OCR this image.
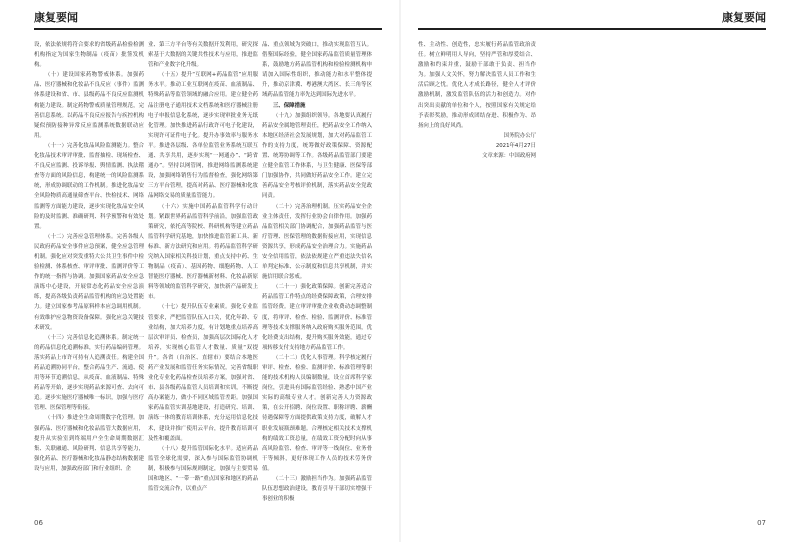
康复要闻

设，依法依规将符合要求的省级药品检验检测机构指定为国家生物制品（疫苗）批签发机构。

（十）建设国家药物警戒体系。加强药品、医疗器械和化妆品不良反应（事件）监测体系建设和省、市、县级药品不良反应监测机构能力建设。制定药物警戒质量管理规范，完善信息系统。以药品不良反应报告与疾控机构疑似预防接种异常反应监测系统数据联动应用。

（十一）完善化妆品风险监测能力。整合化妆品技术审评审批、监督抽检、现场检查、不良反应监测、投诉举报、舆情监测、执法稽查等方面的风险信息，构建统一的风险监测系统，形成协调联动的工作机制。推进化妆品安全风险物质高通量筛查平台、快检技术、网络监测等方面能力建设，逐步实现化妆品安全风险的及时监测、准确研判、科学预警和有效处置。

（十二）完善应急管理体系。完善各级人民政府药品安全事件应急预案，健全应急管理机制。强化应对突发重特大公共卫生事件中检验检测、体系核查、审评审批、监测评价等工作的统一指挥与协调。加强国家药品安全应急演练中心建设，开展常态化药品安全应急演练，提高各级负责药品监管机构的应急处置能力。建立国家参考品原料样本应急调用机制。有效维护应急物资设备保障。强化应急关键技术研发。

（十三）完善信息化追溯体系。制定统一的药品信息化追溯标准，实行药品编码管理。落实药品上市许可持有人追溯责任。构建全国药品追溯协同平台，整合药品生产、流通、使用等环节追溯信息，从疫苗、血液制品、特殊药品等开始，逐步实现药品来源可查、去向可追。逐步实施医疗器械唯一标识，加强与医疗管理、医保管理等衔接。

（十四）推进全生命周期数字化管理。加强药品、医疗器械和化妆品监管大数据应用，提升从实验室到终端用户全生命周期数据汇集、关联融通、风险研判、信息共享等能力，强化药品、医疗器械和化妆品静态结构数据建设与应用，加强政府部门和行业组织、企

业、第三方平台等有关数据开发利用，研究探索基于大数据的关键共性技术与应用，推进监管和产业数字化升级。

（十五）提升“互联网+药品监管”应用服务水平。推动工业互联网在疫苗、血液制品、特殊药品等监管领域的融合应用。建立健全药品注册电子通用技术文档系统和医疗器械注册电子申报信息化系统，逐步实现审批业务无纸化管理。加快推进药品行政许可电子化建设，实现许可证件电子化。提升办事效率与服务水平。推进各层级、各单位监管业务系统互联互通、共享共用，逐步实现“一网通办”、“跨省通办”。坚持以网管网，推进网络监测系统建设，加强网络销售行为监督检查，强化网络第三方平台管理，提高对药品、医疗器械和化妆品网络交易的质量监管能力。

（十六）实施中国药品监管科学行动计划。紧跟世界药品监管科学前沿，加强监管政策研究，依托高等院校、科研机构等建立药品监管科学研究基地，加快推进监管新工具、新标准、新方法研究和应用。将药品监管科学研究纳入国家相关科技计划，重点支持中药、生物制品（疫苗）、基因药物、细胞药物、人工智能医疗器械、医疗器械新材料、化妆品新原料等领域的监管科学研究，加快新产品研发上市。

（十七）提升队伍专业素质。强化专业监管要求，严把监管队伍入口关，优化年龄、专业结构，加大培养力度，有计划地重点培养高层次审评员、检查员，加强高层次国际化人才培养，实现核心监管人才数量、质量“双提升”。各省（自治区、直辖市）要结合本地医药产业发展和监管任务实际情况，完善省级职业化专业化药品检查员培养方案，加强对省、市、县各级药品监管人员培训和实训，不断提高办案能力，做小不同区域监管差距。加强国家药品监管实训基地建设，打造研究、培训、演练一体的教育培训体系，充分运用信息化技术，建设并推广使用云平台，提升教育培训可及性和覆盖面。

（十八）提升监管国际化水平。适应药品监管全球化需要，深入参与国际监管协调机制，积极参与国际规则制定，加强与主要贸易国和地区、“一带一路”重点国家和地区的药品监管交流合作，以重点产

品、重点领域为突破口，推动实现监管互认。借鉴国际经验，健全国家药品监管质量管理体系，鼓励地方药品监管机构和检验检测机构申请加入国际性组织，推动能力和水平整体提升，推动京津冀、粤港澳大湾区、长三角等区域药品监管能力率先达到国际先进水平。

三、保障措施

（十九）加强组织领导。各地要认真履行药品安全属地管理责任，把药品安全工作纳入本地区经济社会发展规划，加大对药品监管工作的支持力度，统筹做好政策保障、资源配置、统筹协调等工作。各级药品监管部门要建立健全监管工作体系，与卫生健康、医保等部门加强协作，共同做好药品安全工作。建立完善药品安全考核评价机制，落实药品安全党政同责。

（二十）完善治理机制。压实药品安全企业主体责任，发挥行业协会自律作用。加强药品监管相关部门协调配合，加强药品监管与医疗管理、医保管理的数据衔接应用，实现信息资源共享，形成药品安全治理合力。实施药品安全信用监管，依法依规建立严重违法失信名单判定标准、公示制度和信息共享机制，并实施信用联合惩戒。

（二十一）强化政策保障。创新完善适合药品监管工作特点的经费保障政策，合理安排监管经费。建立审评审批企业收费动态调整制度，将审评、检查、检验、监测评价、标准管理等技术支撑服务纳入政府购买服务范围，优化经费支出结构，提升购买服务效能，通过专项转移支付支持地方药品监管工作。

（二十二）优化人事管理。科学核定履行审评、检查、检验、监测评价、标准管理等职能的技术机构人员编制数量，设立首席科学家岗位，引进具有国际监管经验、熟悉中国产业实际的高级专业人才。创新完善人力资源政策，在公开招聘、岗位设置、职称评聘、薪酬待遇保障等方面提供政策支持力度，破解人才职业发展瓶颈难题。合理核定相关技术支撑机构的绩效工资总量，在绩效工资分配时向从事高风险监管、检查、审评等一线岗位、业务骨干等倾斜，更好体现工作人员的技术劳务价值。

（二十三）激励担当作为。加强药品监管队伍思想政治建设，教育引导干部切实增强干事创业的积极

06
康复要闻

性、主动性、创造性，忠实履行药品监管政治责任。树立鲜明用人导向，坚持严管和厚爱结合、激励和约束并重，鼓励干部敢于负责、担当作为。加强人文关怀，努力解决监管人员工作和生活后顾之忧。优化人才成长路径，健全人才评价激励机制，激发监管队伍的活力和创造力。对作出突出贡献的单位和个人，按照国家有关规定给予表彰奖励，推动形成团结奋进、积极作为、昂扬向上的良好风尚。

国务院办公厅

2021年4月27日

文章来源：中国政府网

07
